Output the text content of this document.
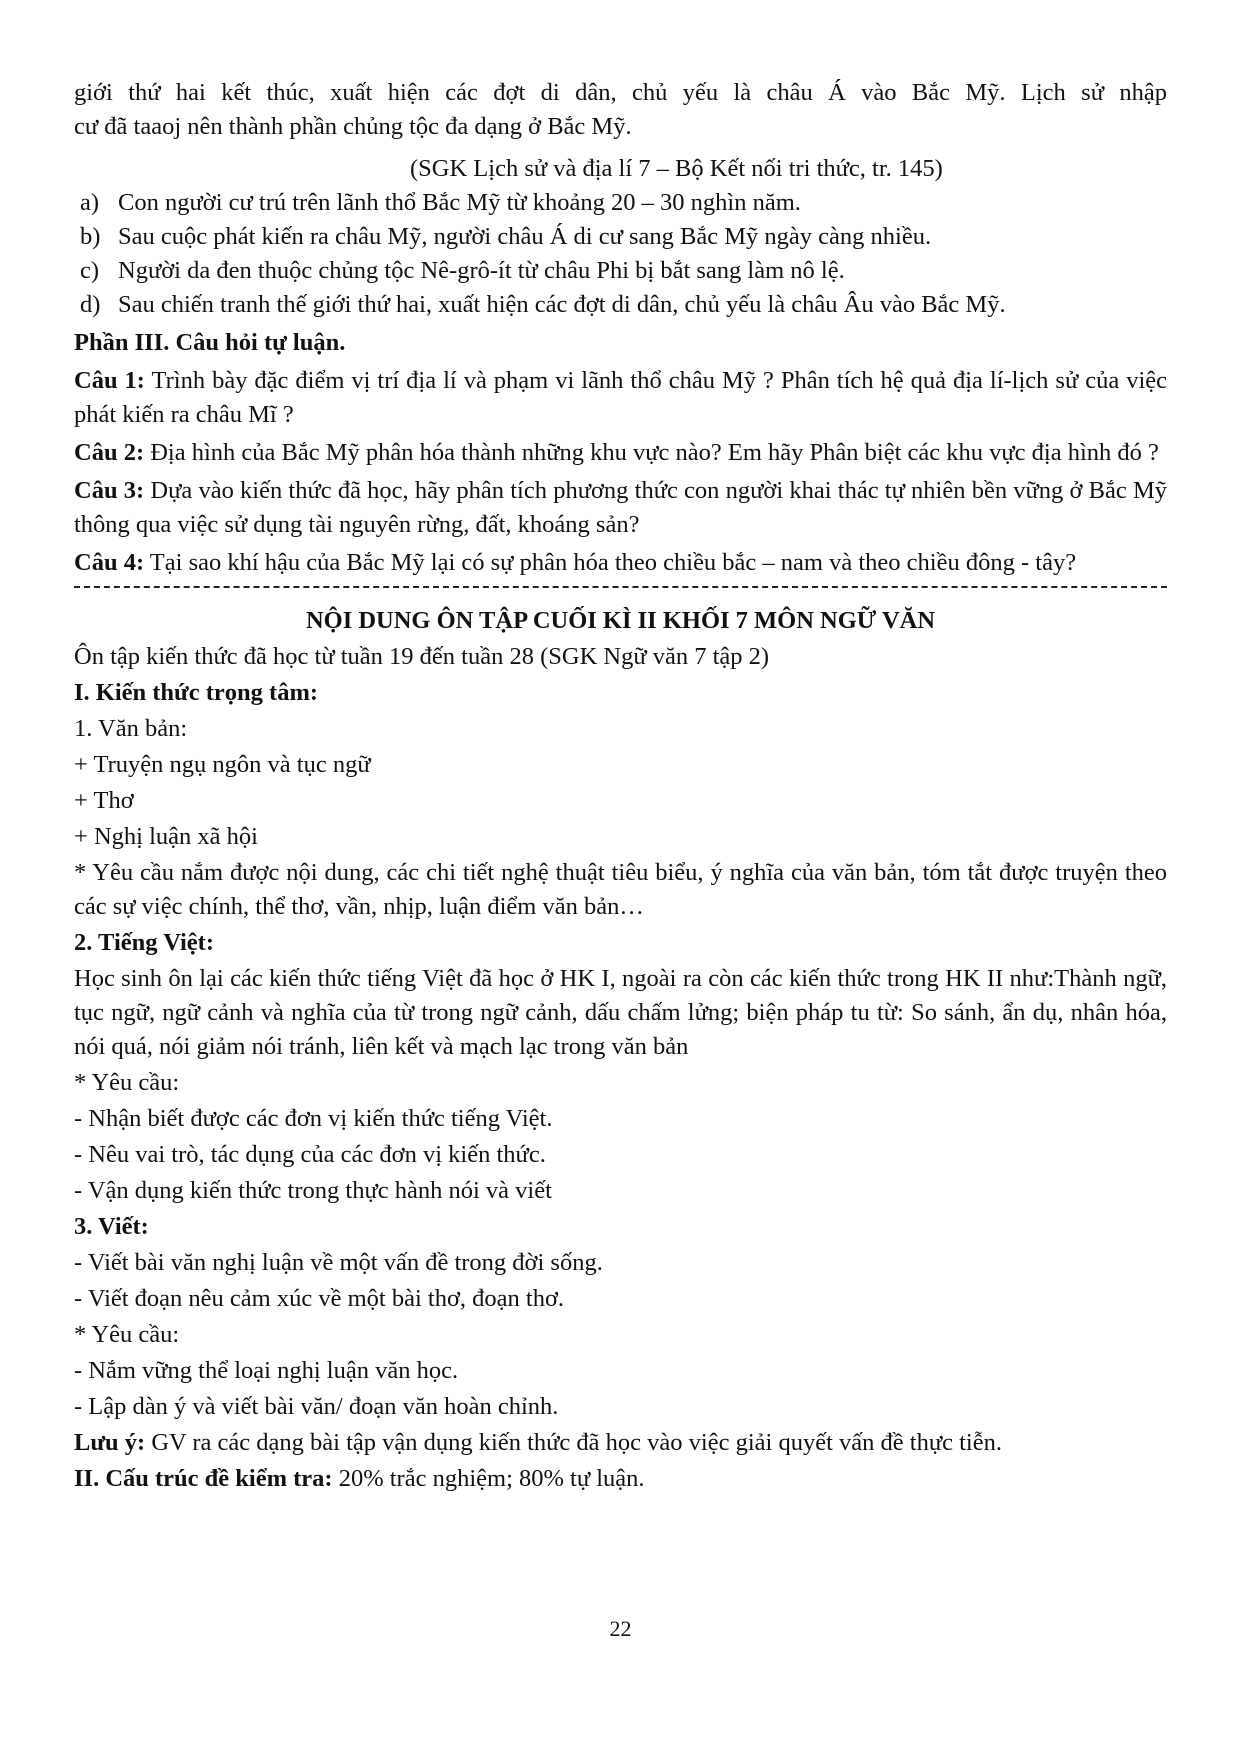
giới thứ hai kết thúc, xuất hiện các đợt di dân, chủ yếu là châu Á vào Bắc Mỹ. Lịch sử nhập

cư đã taaoj nên thành phần chủng tộc đa dạng ở Bắc Mỹ.

(SGK Lịch sử và địa lí 7 – Bộ Kết nối tri thức, tr. 145)

a) Con người cư trú trên lãnh thổ Bắc Mỹ từ khoảng 20 – 30 nghìn năm.
b) Sau cuộc phát kiến ra châu Mỹ, người châu Á di cư sang Bắc Mỹ ngày càng nhiều.
c) Người da đen thuộc chủng tộc Nê-grô-ít từ châu Phi bị bắt sang làm nô lệ.
d) Sau chiến tranh thế giới thứ hai, xuất hiện các đợt di dân, chủ yếu là châu Âu vào Bắc Mỹ.

Phần III. Câu hỏi tự luận.

Câu 1: Trình bày đặc điểm vị trí địa lí và phạm vi lãnh thổ châu Mỹ ? Phân tích hệ quả địa lí-lịch sử của việc phát kiến ra châu Mĩ ?

Câu 2: Địa hình của Bắc Mỹ phân hóa thành những khu vực nào? Em hãy Phân biệt các khu vực địa hình đó ?

Câu 3: Dựa vào kiến thức đã học, hãy phân tích phương thức con người khai thác tự nhiên bền vững ở Bắc Mỹ thông qua việc sử dụng tài nguyên rừng, đất, khoáng sản?

Câu 4: Tại sao khí hậu của Bắc Mỹ lại có sự phân hóa theo chiều bắc – nam và theo chiều đông - tây?

NỘI DUNG ÔN TẬP CUỐI KÌ II KHỐI 7 MÔN NGỮ VĂN

Ôn tập kiến thức đã học từ tuần 19 đến tuần 28 (SGK Ngữ văn 7 tập 2)

I. Kiến thức trọng tâm:

1. Văn bản:

+ Truyện ngụ ngôn và tục ngữ

+ Thơ

+ Nghị luận xã hội

* Yêu cầu nắm được nội dung, các chi tiết nghệ thuật tiêu biểu, ý nghĩa của văn bản, tóm tắt được truyện theo các sự việc chính, thể thơ, vần, nhịp, luận điểm văn bản…

2. Tiếng Việt:

Học sinh ôn lại các kiến thức tiếng Việt đã học ở HK I, ngoài ra còn các kiến thức trong HK II như:Thành ngữ, tục ngữ, ngữ cảnh và nghĩa của từ trong ngữ cảnh, dấu chấm lửng; biện pháp tu từ: So sánh, ẩn dụ, nhân hóa, nói quá, nói giảm nói tránh, liên kết và mạch lạc trong văn bản

* Yêu cầu:

- Nhận biết được các đơn vị kiến thức tiếng Việt.

- Nêu vai trò, tác dụng của các đơn vị kiến thức.

- Vận dụng kiến thức trong thực hành nói và viết

3. Viết:

- Viết bài văn nghị luận về một vấn đề trong đời sống.

- Viết đoạn nêu cảm xúc về một bài thơ, đoạn thơ.

* Yêu cầu:

- Nắm vững thể loại nghị luận văn học.

- Lập dàn ý và viết bài văn/ đoạn văn hoàn chỉnh.

Lưu ý: GV ra các dạng bài tập vận dụng kiến thức đã học vào việc giải quyết vấn đề thực tiễn.

II. Cấu trúc đề kiểm tra: 20% trắc nghiệm; 80% tự luận.

22
